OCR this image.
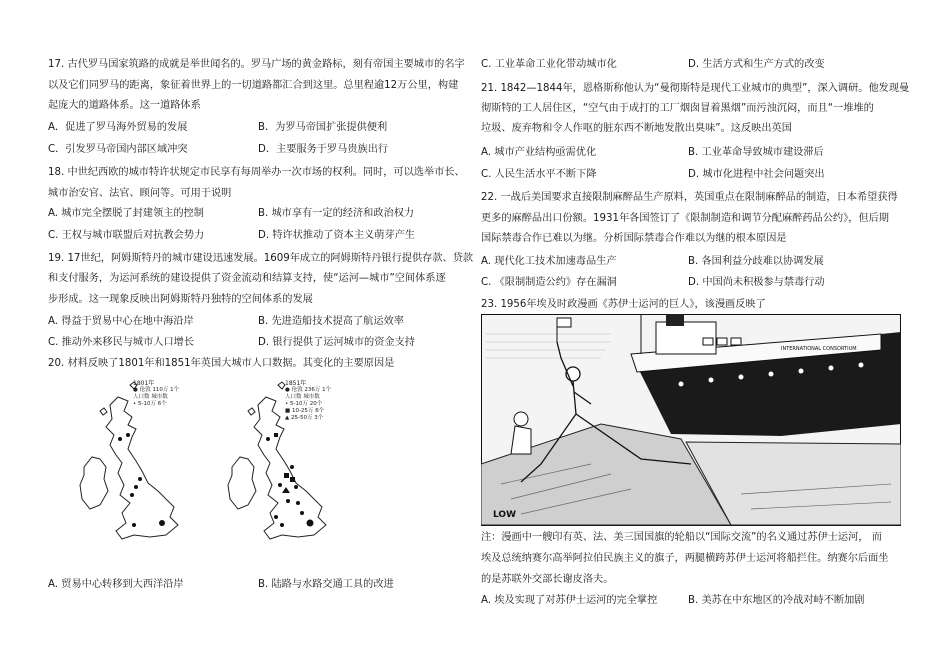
17. 古代罗马国家筑路的成就是举世闻名的。罗马广场的黄金路标，刻有帝国主要城市的名字
以及它们同罗马的距离，象征着世界上的一切道路都汇合到这里。总里程逾12万公里，构建
起庞大的道路体系。这一道路体系
A．促进了罗马海外贸易的发展	B．为罗马帝国扩张提供便利
C．引发罗马帝国内部区域冲突	D．主要服务于罗马贵族出行
18. 中世纪西欧的城市特许状规定市民享有每周举办一次市场的权利。同时，可以选举市长、
城市治安官、法官、顾问等。可用于说明
A. 城市完全摆脱了封建领主的控制	B. 城市享有一定的经济和政治权力
C. 王权与城市联盟后对抗教会势力	D. 特许状推动了资本主义萌芽产生
19. 17世纪，阿姆斯特丹的城市建设迅速发展。1609年成立的阿姆斯特丹银行提供存款、贷款
和支付服务，为运河系统的建设提供了资金流动和结算支持，使“运河—城市”空间体系逐
步形成。这一现象反映出阿姆斯特丹独特的空间体系的发展
A. 得益于贸易中心在地中海沿岸	B. 先进造船技术提高了航运效率
C. 推动外来移民与城市人口增长	D. 银行提供了运河城市的资金支持
20. 材料反映了1801年和1851年英国大城市人口数据。其变化的主要原因是
1801年
● 伦敦 110万 1个
人口数 城市数
• 5-10万 6个
1851年
● 伦敦 236万 1个
人口数 城市数
• 5-10万 20个
■ 10-25万 6个
▲ 25-50万 3个
A. 贸易中心转移到大西洋沿岸	B. 陆路与水路交通工具的改进
C. 工业革命工业化带动城市化	D. 生活方式和生产方式的改变
21. 1842—1844年，恩格斯称他认为“曼彻斯特是现代工业城市的典型”，深入调研。他发现曼
彻斯特的工人居住区，“空气由于成打的工厂烟囱冒着黑烟”而污浊沉闷，而且“一堆堆的
垃圾、废弃物和令人作呕的脏东西不断地发散出臭味”。这反映出英国
A. 城市产业结构亟需优化	B. 工业革命导致城市建设滞后
C. 人民生活水平不断下降	D. 城市化进程中社会问题突出
22. 一战后美国要求直接限制麻醉品生产原料，英国重点在限制麻醉品的制造，日本希望获得
更多的麻醉品出口份额。1931年各国签订了《限制制造和调节分配麻醉药品公约》，但后期
国际禁毒合作已难以为继。分析国际禁毒合作难以为继的根本原因是
A. 现代化工技术加速毒品生产	B. 各国利益分歧难以协调发展
C. 《限制制造公约》存在漏洞	D. 中国尚未积极参与禁毒行动
23. 1956年埃及时政漫画《苏伊士运河的巨人》，该漫画反映了
INTERNATIONAL CONSORTIUM
LOW
注：漫画中一艘印有英、法、美三国国旗的轮船以“国际交流”的名义通过苏伊士运河， 而
埃及总统纳赛尔高举阿拉伯民族主义的旗子，两腿横跨苏伊士运河将船拦住。纳赛尔后面坐
的是苏联外交部长谢皮洛夫。
A. 埃及实现了对苏伊士运河的完全掌控	B. 美苏在中东地区的冷战对峙不断加剧
